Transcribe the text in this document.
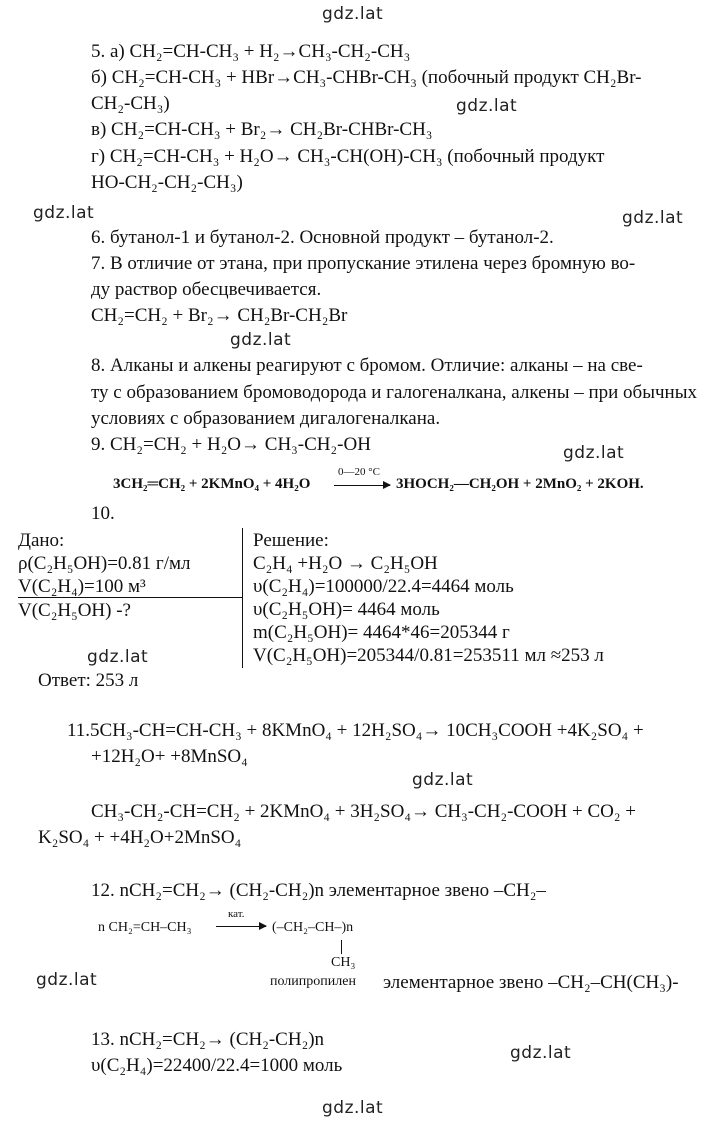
gdz.lat
gdz.lat
gdz.lat	gdz.lat
gdz.lat
gdz.lat
gdz.lat
gdz.lat
gdz.lat
gdz.lat
gdz.lat
5. а) CH₂=CH-CH₃ + H₂→CH₃-CH₂-CH₃
б) CH₂=CH-CH₃ + HBr→CH₃-CHBr-CH₃ (побочный продукт CH₂Br-
CH₂-CH₃)
в) CH₂=CH-CH₃ + Br₂→ CH₂Br-CHBr-CH₃
г) CH₂=CH-CH₃ + H₂O→ CH₃-CH(OH)-CH₃ (побочный продукт
HO-CH₂-CH₂-CH₃)
6. бутанол-1 и бутанол-2. Основной продукт – бутанол-2.
7. В отличие от этана, при пропускание этилена через бромную во-
ду раствор обесцвечивается.
CH₂=CH₂ + Br₂→ CH₂Br-CH₂Br
8. Алканы и алкены реагируют с бромом. Отличие: алканы – на све-
ту с образованием бромоводорода и галогеналкана, алкены – при обычных
условиях с образованием дигалогеналкана.
9. CH₂=CH₂ + H₂O→ CH₃-CH₂-OH
3CH₂═CH₂ + 2KMnO₄ + 4H₂O
0—20 °C
→ 3HOCH₂—CH₂OH + 2MnO₂ + 2KOH.
10.
Дано:
ρ(C₂H₅OH)=0.81 г/мл
V(C₂H₄)=100 м³
V(C₂H₅OH) -?
Решение:
C₂H₄ +H₂O → C₂H₅OH
υ(C₂H₄)=100000/22.4=4464 моль
υ(C₂H₅OH)= 4464 моль
m(C₂H₅OH)= 4464*46=205344 г
V(C₂H₅OH)=205344/0.81=253511 мл ≈253 л
Ответ: 253 л
11.5CH₃-CH=CH-CH₃ + 8KMnO₄ + 12H₂SO₄→ 10CH₃COOH +4K₂SO₄ +
+12H₂O+ +8MnSO₄
CH₃-CH₂-CH=CH₂ + 2KMnO₄ + 3H₂SO₄→ CH₃-CH₂-COOH + CO₂ +
K₂SO₄ + +4H₂O+2MnSO₄
12. nCH₂=CH₂→ (CH₂-CH₂)n элементарное звено –CH₂–
n CH₂=CH–CH₃
кат.
→ (–CH₂–CH–)n
CH₃
полипропилен элементарное звено –CH₂–CH(CH₃)-
13. nCH₂=CH₂→ (CH₂-CH₂)n
υ(C₂H₄)=22400/22.4=1000 моль
